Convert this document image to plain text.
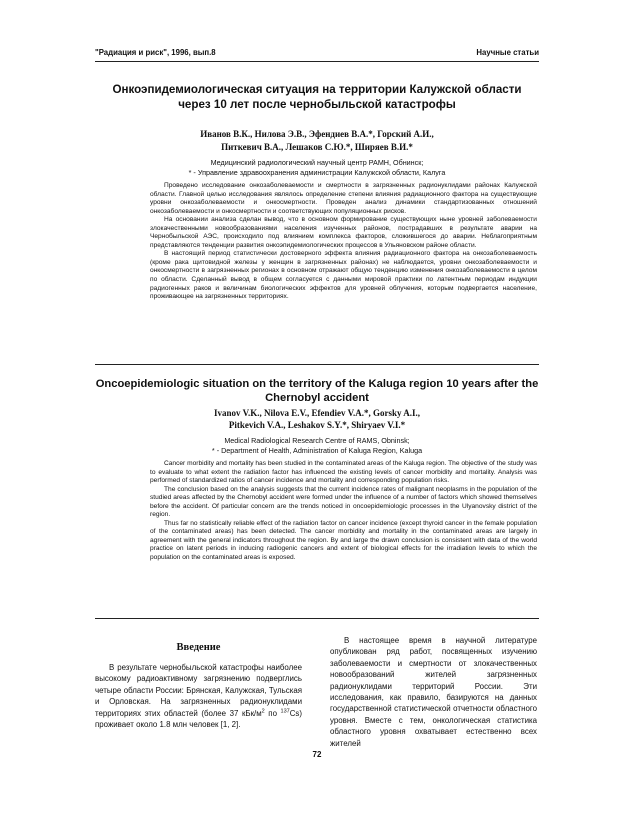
"Радиация и риск", 1996, вып.8	Научные статьи
Онкоэпидемиологическая ситуация на территории Калужской области через 10 лет после чернобыльской катастрофы
Иванов В.К., Нилова Э.В., Эфендиев В.А.*, Горский А.И.,
Питкевич В.А., Лешаков С.Ю.*, Ширяев В.И.*
Медицинский радиологический научный центр РАМН, Обнинск;
* - Управление здравоохранения администрации Калужской области, Калуга

Проведено исследование онкозаболеваемости и смертности в загрязненных радионуклидами районах Калужской области. Главной целью исследования являлось определение степени влияния радиационного фактора на существующие уровни онкозаболеваемости и онкосмертности. Проведен анализ динамики стандартизованных отношений онкозаболеваемости и онкосмертности и соответствующих популяционных рисков.

На основании анализа сделан вывод, что в основном формирование существующих ныне уровней заболеваемости злокачественными новообразованиями населения изученных районов, пострадавших в результате аварии на Чернобыльской АЭС, происходило под влиянием комплекса факторов, сложившегося до аварии. Неблагоприятным представляются тенденции развития онкоэпидемиологических процессов в Ульяновском районе области.

В настоящий период статистически достоверного эффекта влияния радиационного фактора на онкозаболеваемость (кроме рака щитовидной железы у женщин в загрязненных районах) не наблюдается, уровни онкозаболеваемости и онкосмертности в загрязненных регионах в основном отражают общую тенденцию изменения онкозаболеваемости в целом по области. Сделанный вывод в общем согласуется с данными мировой практики по латентным периодам индукции радиогенных раков и величинам биологических эффектов для уровней облучения, которым подвергается население, проживающее на загрязненных территориях.

Oncoepidemiologic situation on the territory of the Kaluga region 10 years after the Chernobyl accident
Ivanov V.K., Nilova E.V., Efendiev V.A.*, Gorsky A.I.,
Pitkevich V.A., Leshakov S.Y.*, Shiryaev V.I.*
Medical Radiological Research Centre of RAMS, Obninsk;
* - Department of Health, Administration of Kaluga Region, Kaluga

Cancer morbidity and mortality has been studied in the contaminated areas of the Kaluga region. The objective of the study was to evaluate to what extent the radiation factor has influenced the existing levels of cancer morbidity and mortality. Analysis was performed of standardized ratios of cancer incidence and mortality and corresponding population risks.

The conclusion based on the analysis suggests that the current incidence rates of malignant neoplasms in the population of the studied areas affected by the Chernobyl accident were formed under the influence of a number of factors which showed themselves before the accident. Of particular concern are the trends noticed in oncoepidemiologic processes in the Ulyanovsky district of the region.

Thus far no statistically reliable effect of the radiation factor on cancer incidence (except thyroid cancer in the female population of the contaminated areas) has been detected. The cancer morbidity and mortality in the contaminated areas are largely in agreement with the general indicators throughout the region. By and large the drawn conclusion is consistent with data of the world practice on latent periods in inducing radiogenic cancers and extent of biological effects for the irradiation levels to which the population on the contaminated areas is exposed.

Введение

В результате чернобыльской катастрофы наиболее высокому радиоактивному загрязнению подверглись четыре области России: Брянская, Калужская, Тульская и Орловская. На загрязненных радионуклидами территориях этих областей (более 37 кБк/$м^2$ по $^{137}$Cs) проживает около 1.8 млн человек [1, 2].

В настоящее время в научной литературе опубликован ряд работ, посвященных изучению заболеваемости и смертности от злокачественных новообразований жителей загрязненных радионуклидами территорий России. Эти исследования, как правило, базируются на данных государственной статистической отчетности областного уровня. Вместе с тем, онкологическая статистика областного уровня охватывает естественно всех жителей

72
